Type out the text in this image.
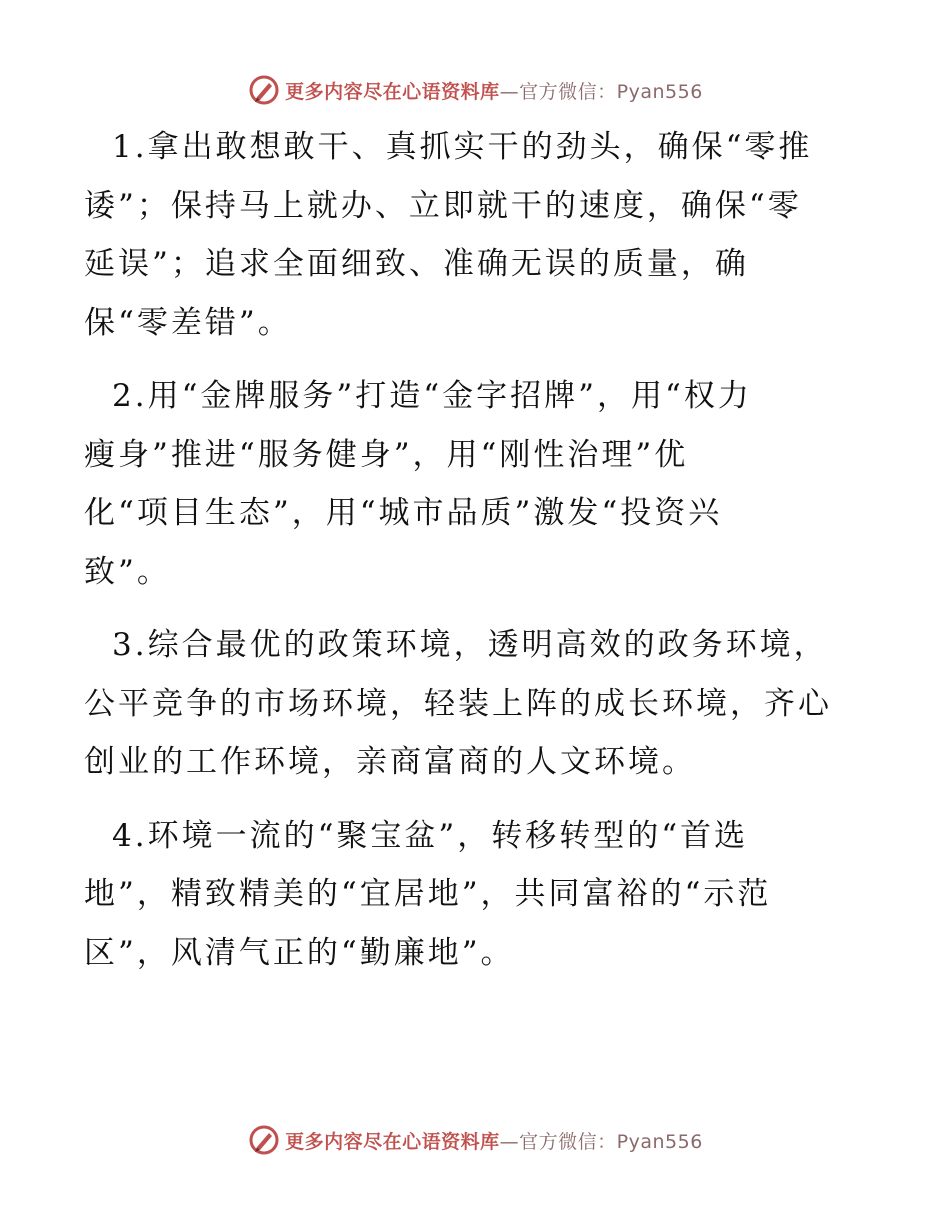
更多内容尽在心语资料库—官方微信：Pyan556
1.拿出敢想敢干、真抓实干的劲头，确保“零推
诿”；保持马上就办、立即就干的速度，确保“零
延误”；追求全面细致、准确无误的质量，确
保“零差错”。
2.用“金牌服务”打造“金字招牌”，用“权力
瘦身”推进“服务健身”，用“刚性治理”优
化“项目生态”，用“城市品质”激发“投资兴
致”。
3.综合最优的政策环境，透明高效的政务环境，
公平竞争的市场环境，轻装上阵的成长环境，齐心
创业的工作环境，亲商富商的人文环境。
4.环境一流的“聚宝盆”，转移转型的“首选
地”，精致精美的“宜居地”，共同富裕的“示范
区”，风清气正的“勤廉地”。
更多内容尽在心语资料库—官方微信：Pyan556
